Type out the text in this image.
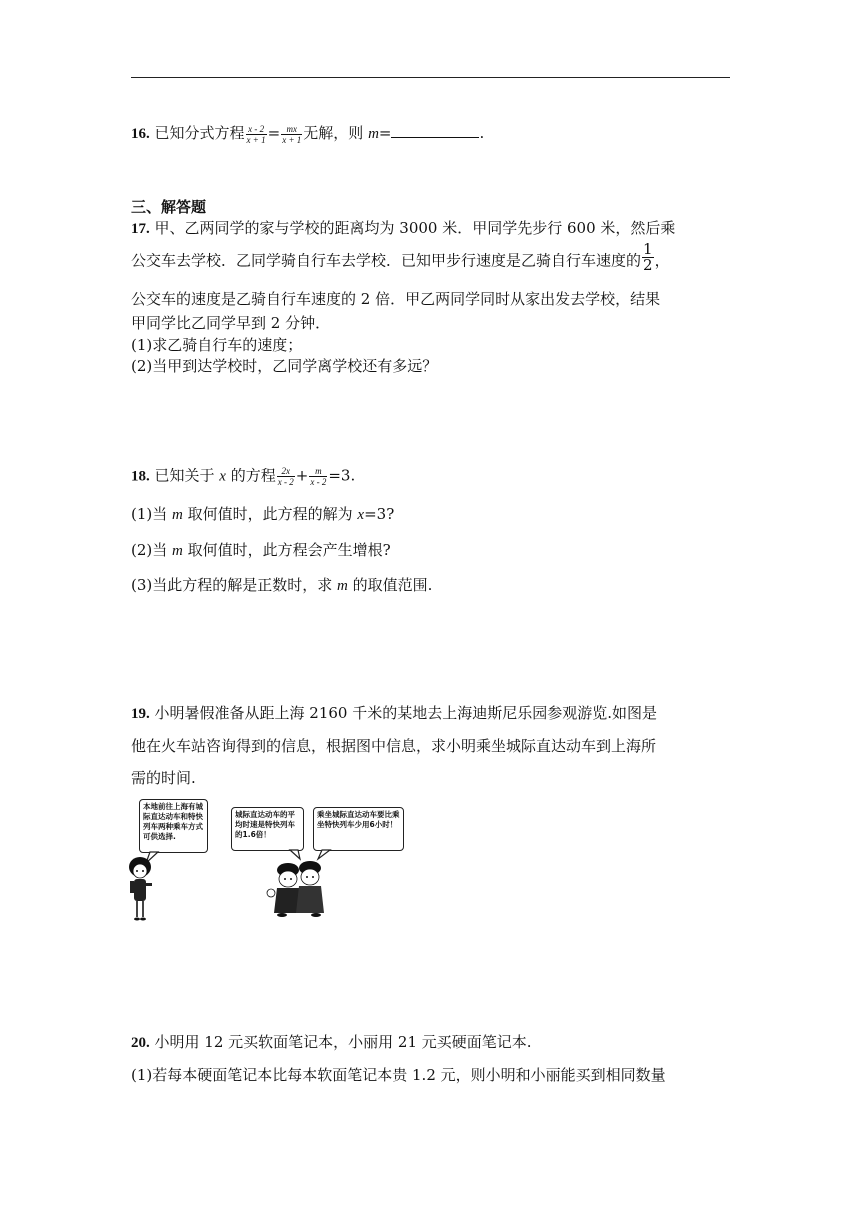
16. 已知分式方程 $\frac{x - 2}{x + 1} = \frac{mx}{x + 1}$ 无解，则 m=	.
三、解答题
17. 甲、乙两同学的家与学校的距离均为 3000 米．甲同学先步行 600 米，然后乘
公交车去学校．乙同学骑自行车去学校．已知甲步行速度是乙骑自行车速度的 $\frac{1}{2}$ ，
公交车的速度是乙骑自行车速度的 2 倍．甲乙两同学同时从家出发去学校，结果
甲同学比乙同学早到 2 分钟．
(1)求乙骑自行车的速度；
(2)当甲到达学校时，乙同学离学校还有多远？
18. 已知关于 x 的方程 $\frac{2x}{x - 2} + \frac{m}{x - 2} =3$.
(1)当 m 取何值时，此方程的解为 x=3?
(2)当 m 取何值时，此方程会产生增根?
(3)当此方程的解是正数时，求 m 的取值范围.
19. 小明暑假准备从距上海 2160 千米的某地去上海迪斯尼乐园参观游览.如图是
他在火车站咨询得到的信息，根据图中信息，求小明乘坐城际直达动车到上海所
需的时间.
本地前往上海有城际直达动车和特快列车两种乘车方式可供选择.
城际直达动车的平均时速是特快列车的1.6倍！
乘坐城际直达动车要比乘坐特快列车少用6小时！
20. 小明用 12 元买软面笔记本，小丽用 21 元买硬面笔记本.
(1)若每本硬面笔记本比每本软面笔记本贵 1.2 元，则小明和小丽能买到相同数量
